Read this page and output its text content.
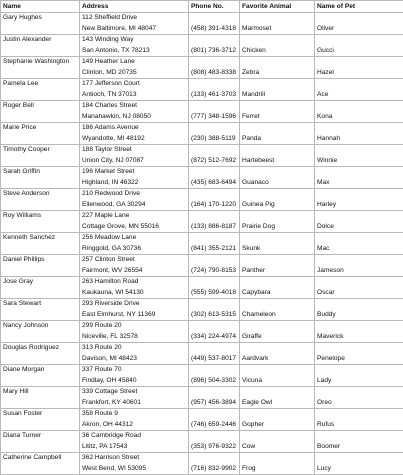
Name	Address	Phone No.	Favorite Animal	Name of Pet
Gary Hughes	112 Sheffield Drive			
	New Baltimore, MI 48047	(458) 391-4318	Marmoset	Oliver
Justin Alexander	143 Winding Way			
	San Antonio, TX 78213	(801) 736-3712	Chicken	Gucci
Stephanie Washington	149 Heather Lane			
	Clinton, MD 20735	(808) 483-8338	Zebra	Hazel
Pamela Lee	177 Jefferson Court			
	Antioch, TN 37013	(133) 461-3703	Mandrill	Ace
Roger Bell	184 Charles Street			
	Manahawkin, NJ 08050	(777) 348-1596	Ferret	Kona
Marie Price	186 Adams Avenue			
	Wyandotte, MI 48192	(230) 388-5119	Panda	Hannah
Timothy Cooper	188 Taylor Street			
	Union City, NJ 07087	(872) 512-7692	Hartebeest	Winnie
Sarah Griffin	196 Market Street			
	Highland, IN 46322	(435) 683-6494	Guanaco	Max
Steve Anderson	210 Redwood Drive			
	Ellenwood, GA 30294	(164) 170-1220	Guinea Pig	Harley
Roy Williams	227 Maple Lane			
	Cottage Grove, MN 55016	(133) 886-8187	Prairie Dog	Dolce
Kenneth Sanchez	256 Meadow Lane			
	Ringgold, GA 30736	(841) 355-2121	Skunk	Mac
Daniel Phillips	257 Clinton Street			
	Fairmont, WV 26554	(724) 790-8153	Panther	Jameson
Jose Gray	263 Hamilton Road			
	Kaukauna, WI 54130	(555) 599-4018	Capybara	Oscar
Sara Stewart	293 Riverside Drive			
	East Elmhurst, NY 11369	(302) 613-5315	Chameleon	Buddy
Nancy Johnson	299 Route 20			
	Niceville, FL 32578	(334) 224-4974	Giraffe	Maverick
Douglas Rodriguez	313 Route 20			
	Davison, MI 48423	(449) 537-8017	Aardvark	Penelope
Diane Morgan	337 Route 70			
	Findlay, OH 45840	(896) 504-3302	Vicuna	Lady
Mary Hill	339 Cottage Street			
	Frankfort, KY 40601	(957) 456-3894	Eagle Owl	Oreo
Susan Foster	358 Route 9			
	Akron, OH 44312	(746) 659-2446	Gopher	Rufus
Diana Turner	36 Cambridge Road			
	Lititz, PA 17543	(353) 976-9322	Cow	Boomer
Catherine Campbell	362 Harrison Street			
	West Bend, WI 53095	(716) 832-9902	Frog	Lucy
